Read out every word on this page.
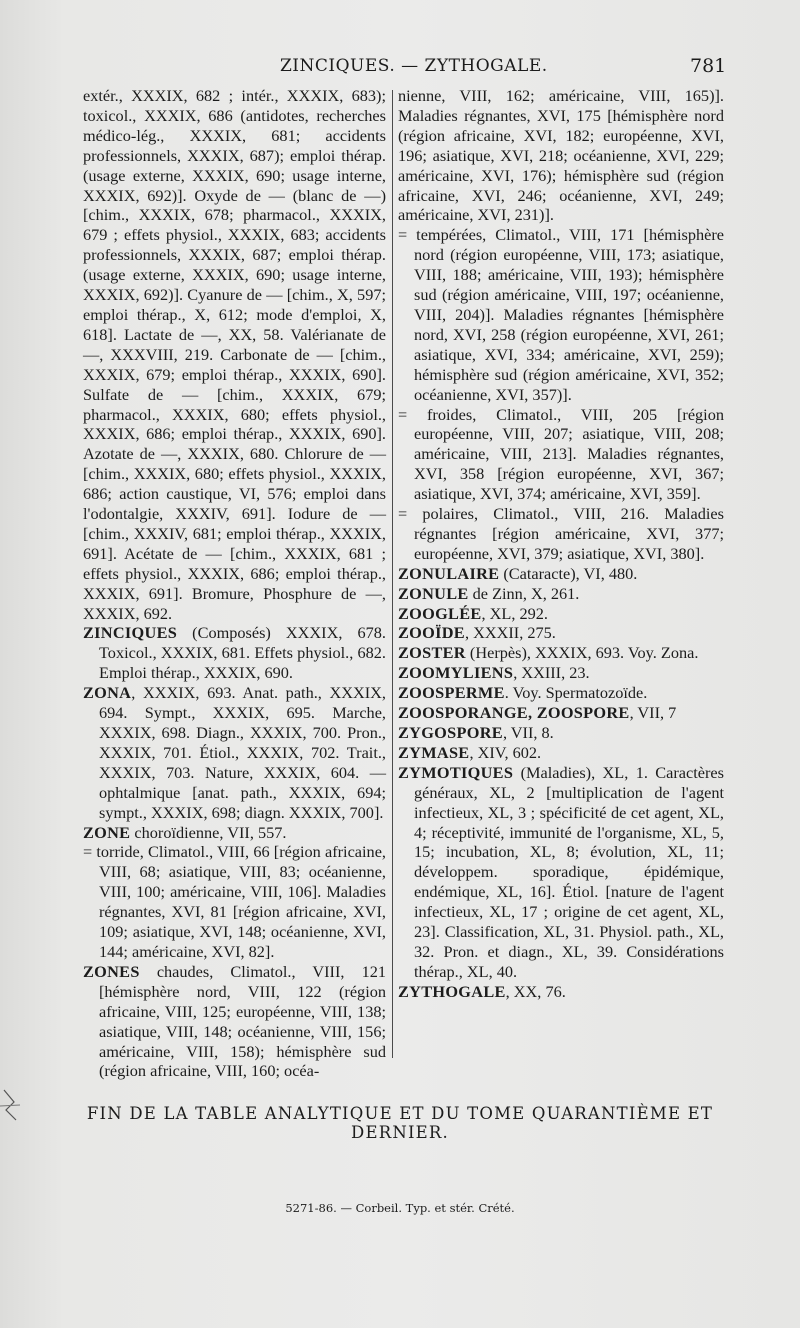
ZINCIQUES. — ZYTHOGALE.	781

extér., XXXIX, 682 ; intér., XXXIX, 683); toxicol., XXXIX, 686 (antidotes, recherches médico-lég., XXXIX, 681; accidents professionnels, XXXIX, 687); emploi thérap. (usage externe, XXXIX, 690; usage interne, XXXIX, 692)]. Oxyde de — (blanc de —) [chim., XXXIX, 678; pharmacol., XXXIX, 679 ; effets physiol., XXXIX, 683; accidents professionnels, XXXIX, 687; emploi thérap. (usage externe, XXXIX, 690; usage interne, XXXIX, 692)]. Cyanure de — [chim., X, 597; emploi thérap., X, 612; mode d'emploi, X, 618]. Lactate de —, XX, 58. Valérianate de —, XXXVIII, 219. Carbonate de — [chim., XXXIX, 679; emploi thérap., XXXIX, 690]. Sulfate de — [chim., XXXIX, 679; pharmacol., XXXIX, 680; effets physiol., XXXIX, 686; emploi thérap., XXXIX, 690]. Azotate de —, XXXIX, 680. Chlorure de — [chim., XXXIX, 680; effets physiol., XXXIX, 686; action caustique, VI, 576; emploi dans l'odontalgie, XXXIV, 691]. Iodure de — [chim., XXXIV, 681; emploi thérap., XXXIX, 691]. Acétate de — [chim., XXXIX, 681 ; effets physiol., XXXIX, 686; emploi thérap., XXXIX, 691]. Bromure, Phosphure de —, XXXIX, 692.

ZINCIQUES (Composés) XXXIX, 678. Toxicol., XXXIX, 681. Effets physiol., 682. Emploi thérap., XXXIX, 690.

ZONA, XXXIX, 693. Anat. path., XXXIX, 694. Sympt., XXXIX, 695. Marche, XXXIX, 698. Diagn., XXXIX, 700. Pron., XXXIX, 701. Étiol., XXXIX, 702. Trait., XXXIX, 703. Nature, XXXIX, 604. — ophtalmique [anat. path., XXXIX, 694; sympt., XXXIX, 698; diagn. XXXIX, 700].

ZONE choroïdienne, VII, 557.

= torride, Climatol., VIII, 66 [région africaine, VIII, 68; asiatique, VIII, 83; océanienne, VIII, 100; américaine, VIII, 106]. Maladies régnantes, XVI, 81 [région africaine, XVI, 109; asiatique, XVI, 148; océanienne, XVI, 144; américaine, XVI, 82].

ZONES chaudes, Climatol., VIII, 121 [hémisphère nord, VIII, 122 (région africaine, VIII, 125; européenne, VIII, 138; asiatique, VIII, 148; océanienne, VIII, 156; américaine, VIII, 158); hémisphère sud (région africaine, VIII, 160; océa-

nienne, VIII, 162; américaine, VIII, 165)]. Maladies régnantes, XVI, 175 [hémisphère nord (région africaine, XVI, 182; européenne, XVI, 196; asiatique, XVI, 218; océanienne, XVI, 229; américaine, XVI, 176); hémisphère sud (région africaine, XVI, 246; océanienne, XVI, 249; américaine, XVI, 231)].

= tempérées, Climatol., VIII, 171 [hémisphère nord (région européenne, VIII, 173; asiatique, VIII, 188; américaine, VIII, 193); hémisphère sud (région américaine, VIII, 197; océanienne, VIII, 204)]. Maladies régnantes [hémisphère nord, XVI, 258 (région européenne, XVI, 261; asiatique, XVI, 334; américaine, XVI, 259); hémisphère sud (région américaine, XVI, 352; océanienne, XVI, 357)].

= froides, Climatol., VIII, 205 [région européenne, VIII, 207; asiatique, VIII, 208; américaine, VIII, 213]. Maladies régnantes, XVI, 358 [région européenne, XVI, 367; asiatique, XVI, 374; américaine, XVI, 359].

= polaires, Climatol., VIII, 216. Maladies régnantes [région américaine, XVI, 377; européenne, XVI, 379; asiatique, XVI, 380].

ZONULAIRE (Cataracte), VI, 480.

ZONULE de Zinn, X, 261.

ZOOGLÉE, XL, 292.

ZOOÏDE, XXXII, 275.

ZOSTER (Herpès), XXXIX, 693. Voy. Zona.

ZOOMYLIENS, XXIII, 23.

ZOOSPERME. Voy. Spermatozoïde.

ZOOSPORANGE, ZOOSPORE, VII, 7

ZYGOSPORE, VII, 8.

ZYMASE, XIV, 602.

ZYMOTIQUES (Maladies), XL, 1. Caractères généraux, XL, 2 [multiplication de l'agent infectieux, XL, 3 ; spécificité de cet agent, XL, 4; réceptivité, immunité de l'organisme, XL, 5, 15; incubation, XL, 8; évolution, XL, 11; développem. sporadique, épidémique, endémique, XL, 16]. Étiol. [nature de l'agent infectieux, XL, 17 ; origine de cet agent, XL, 23]. Classification, XL, 31. Physiol. path., XL, 32. Pron. et diagn., XL, 39. Considérations thérap., XL, 40.

ZYTHOGALE, XX, 76.

FIN DE LA TABLE ANALYTIQUE ET DU TOME QUARANTIÈME ET DERNIER.
5271-86. — Corbeil. Typ. et stér. Crété.
